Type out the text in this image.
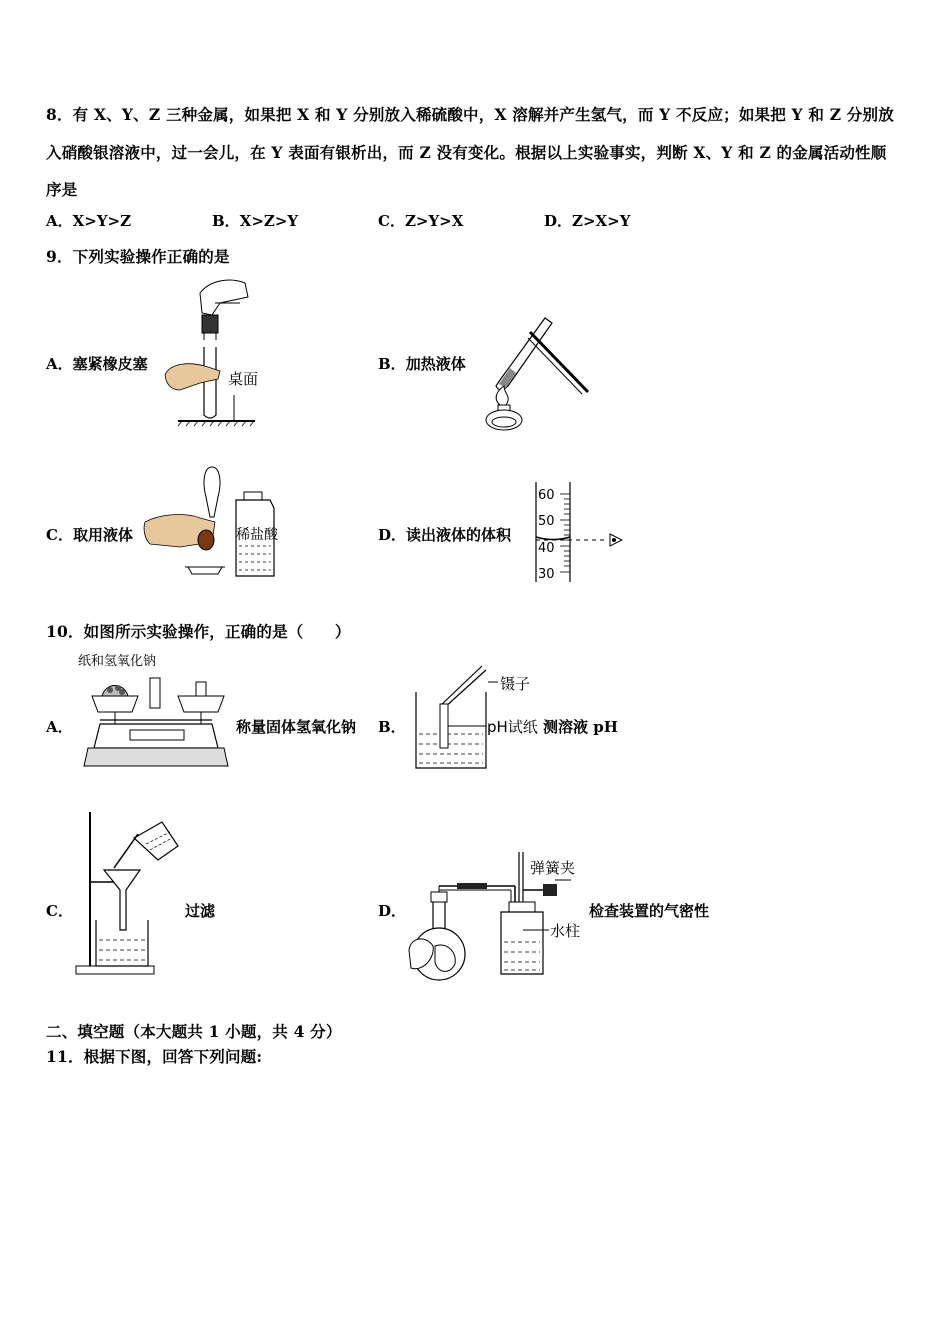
8．有 X、Y、Z 三种金属，如果把 X 和 Y 分别放入稀硫酸中，X 溶解并产生氢气，而 Y 不反应；如果把 Y 和 Z 分别放
入硝酸银溶液中，过一会儿，在 Y 表面有银析出，而 Z 没有变化。根据以上实验事实，判断 X、Y 和 Z 的金属活动性顺
序是
A．X>Y>Z	B．X>Z>Y	C．Z>Y>X	D．Z>X>Y
9．下列实验操作正确的是
A．塞紧橡皮塞
桌面
B．加热液体
C．取用液体	稀盐酸	D．读出液体的体积
60
50
40
30
10．如图所示实验操作，正确的是（　　）
A．
纸和氢氧化钠
称量固体氢氧化钠 B．
镊子
pH试纸 测溶液 pH
C．	过滤	D．
弹簧夹
水柱
检查装置的气密性
二、填空题（本大题共 1 小题，共 4 分）
11．根据下图，回答下列问题:
